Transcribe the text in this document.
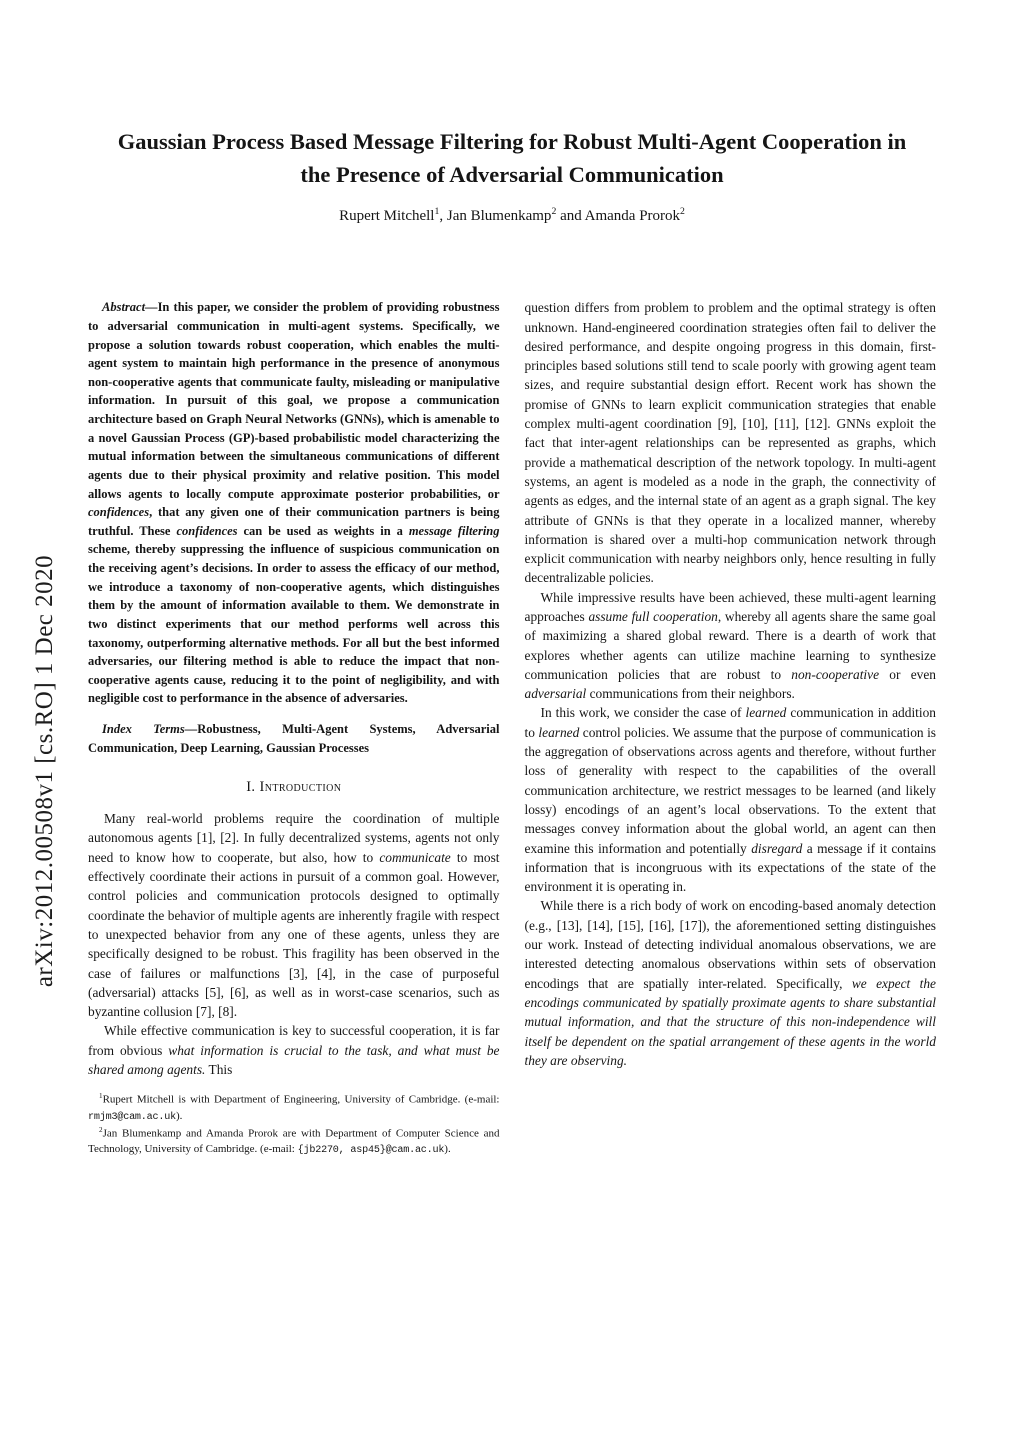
arXiv:2012.00508v1 [cs.RO] 1 Dec 2020
Gaussian Process Based Message Filtering for Robust Multi-Agent Cooperation in the Presence of Adversarial Communication
Rupert Mitchell$^1$, Jan Blumenkamp$^2$ and Amanda Prorok$^2$

Abstract—In this paper, we consider the problem of providing robustness to adversarial communication in multi-agent systems. Specifically, we propose a solution towards robust cooperation, which enables the multi-agent system to maintain high performance in the presence of anonymous non-cooperative agents that communicate faulty, misleading or manipulative information. In pursuit of this goal, we propose a communication architecture based on Graph Neural Networks (GNNs), which is amenable to a novel Gaussian Process (GP)-based probabilistic model characterizing the mutual information between the simultaneous communications of different agents due to their physical proximity and relative position. This model allows agents to locally compute approximate posterior probabilities, or confidences, that any given one of their communication partners is being truthful. These confidences can be used as weights in a message filtering scheme, thereby suppressing the influence of suspicious communication on the receiving agent’s decisions. In order to assess the efficacy of our method, we introduce a taxonomy of non-cooperative agents, which distinguishes them by the amount of information available to them. We demonstrate in two distinct experiments that our method performs well across this taxonomy, outperforming alternative methods. For all but the best informed adversaries, our filtering method is able to reduce the impact that non-cooperative agents cause, reducing it to the point of negligibility, and with negligible cost to performance in the absence of adversaries.

Index Terms—Robustness, Multi-Agent Systems, Adversarial Communication, Deep Learning, Gaussian Processes

I. Introduction

Many real-world problems require the coordination of multiple autonomous agents [1], [2]. In fully decentralized systems, agents not only need to know how to cooperate, but also, how to communicate to most effectively coordinate their actions in pursuit of a common goal. However, control policies and communication protocols designed to optimally coordinate the behavior of multiple agents are inherently fragile with respect to unexpected behavior from any one of these agents, unless they are specifically designed to be robust. This fragility has been observed in the case of failures or malfunctions [3], [4], in the case of purposeful (adversarial) attacks [5], [6], as well as in worst-case scenarios, such as byzantine collusion [7], [8].

While effective communication is key to successful cooperation, it is far from obvious what information is crucial to the task, and what must be shared among agents. This

$^1$Rupert Mitchell is with Department of Engineering, University of Cambridge. (e-mail: rmjm3@cam.ac.uk).

$^2$Jan Blumenkamp and Amanda Prorok are with Department of Computer Science and Technology, University of Cambridge. (e-mail: {jb2270, asp45}@cam.ac.uk).

question differs from problem to problem and the optimal strategy is often unknown. Hand-engineered coordination strategies often fail to deliver the desired performance, and despite ongoing progress in this domain, first-principles based solutions still tend to scale poorly with growing agent team sizes, and require substantial design effort. Recent work has shown the promise of GNNs to learn explicit communication strategies that enable complex multi-agent coordination [9], [10], [11], [12]. GNNs exploit the fact that inter-agent relationships can be represented as graphs, which provide a mathematical description of the network topology. In multi-agent systems, an agent is modeled as a node in the graph, the connectivity of agents as edges, and the internal state of an agent as a graph signal. The key attribute of GNNs is that they operate in a localized manner, whereby information is shared over a multi-hop communication network through explicit communication with nearby neighbors only, hence resulting in fully decentralizable policies.

While impressive results have been achieved, these multi-agent learning approaches assume full cooperation, whereby all agents share the same goal of maximizing a shared global reward. There is a dearth of work that explores whether agents can utilize machine learning to synthesize communication policies that are robust to non-cooperative or even adversarial communications from their neighbors.

In this work, we consider the case of learned communication in addition to learned control policies. We assume that the purpose of communication is the aggregation of observations across agents and therefore, without further loss of generality with respect to the capabilities of the overall communication architecture, we restrict messages to be learned (and likely lossy) encodings of an agent’s local observations. To the extent that messages convey information about the global world, an agent can then examine this information and potentially disregard a message if it contains information that is incongruous with its expectations of the state of the environment it is operating in.

While there is a rich body of work on encoding-based anomaly detection (e.g., [13], [14], [15], [16], [17]), the aforementioned setting distinguishes our work. Instead of detecting individual anomalous observations, we are interested detecting anomalous observations within sets of observation encodings that are spatially inter-related. Specifically, we expect the encodings communicated by spatially proximate agents to share substantial mutual information, and that the structure of this non-independence will itself be dependent on the spatial arrangement of these agents in the world they are observing.
